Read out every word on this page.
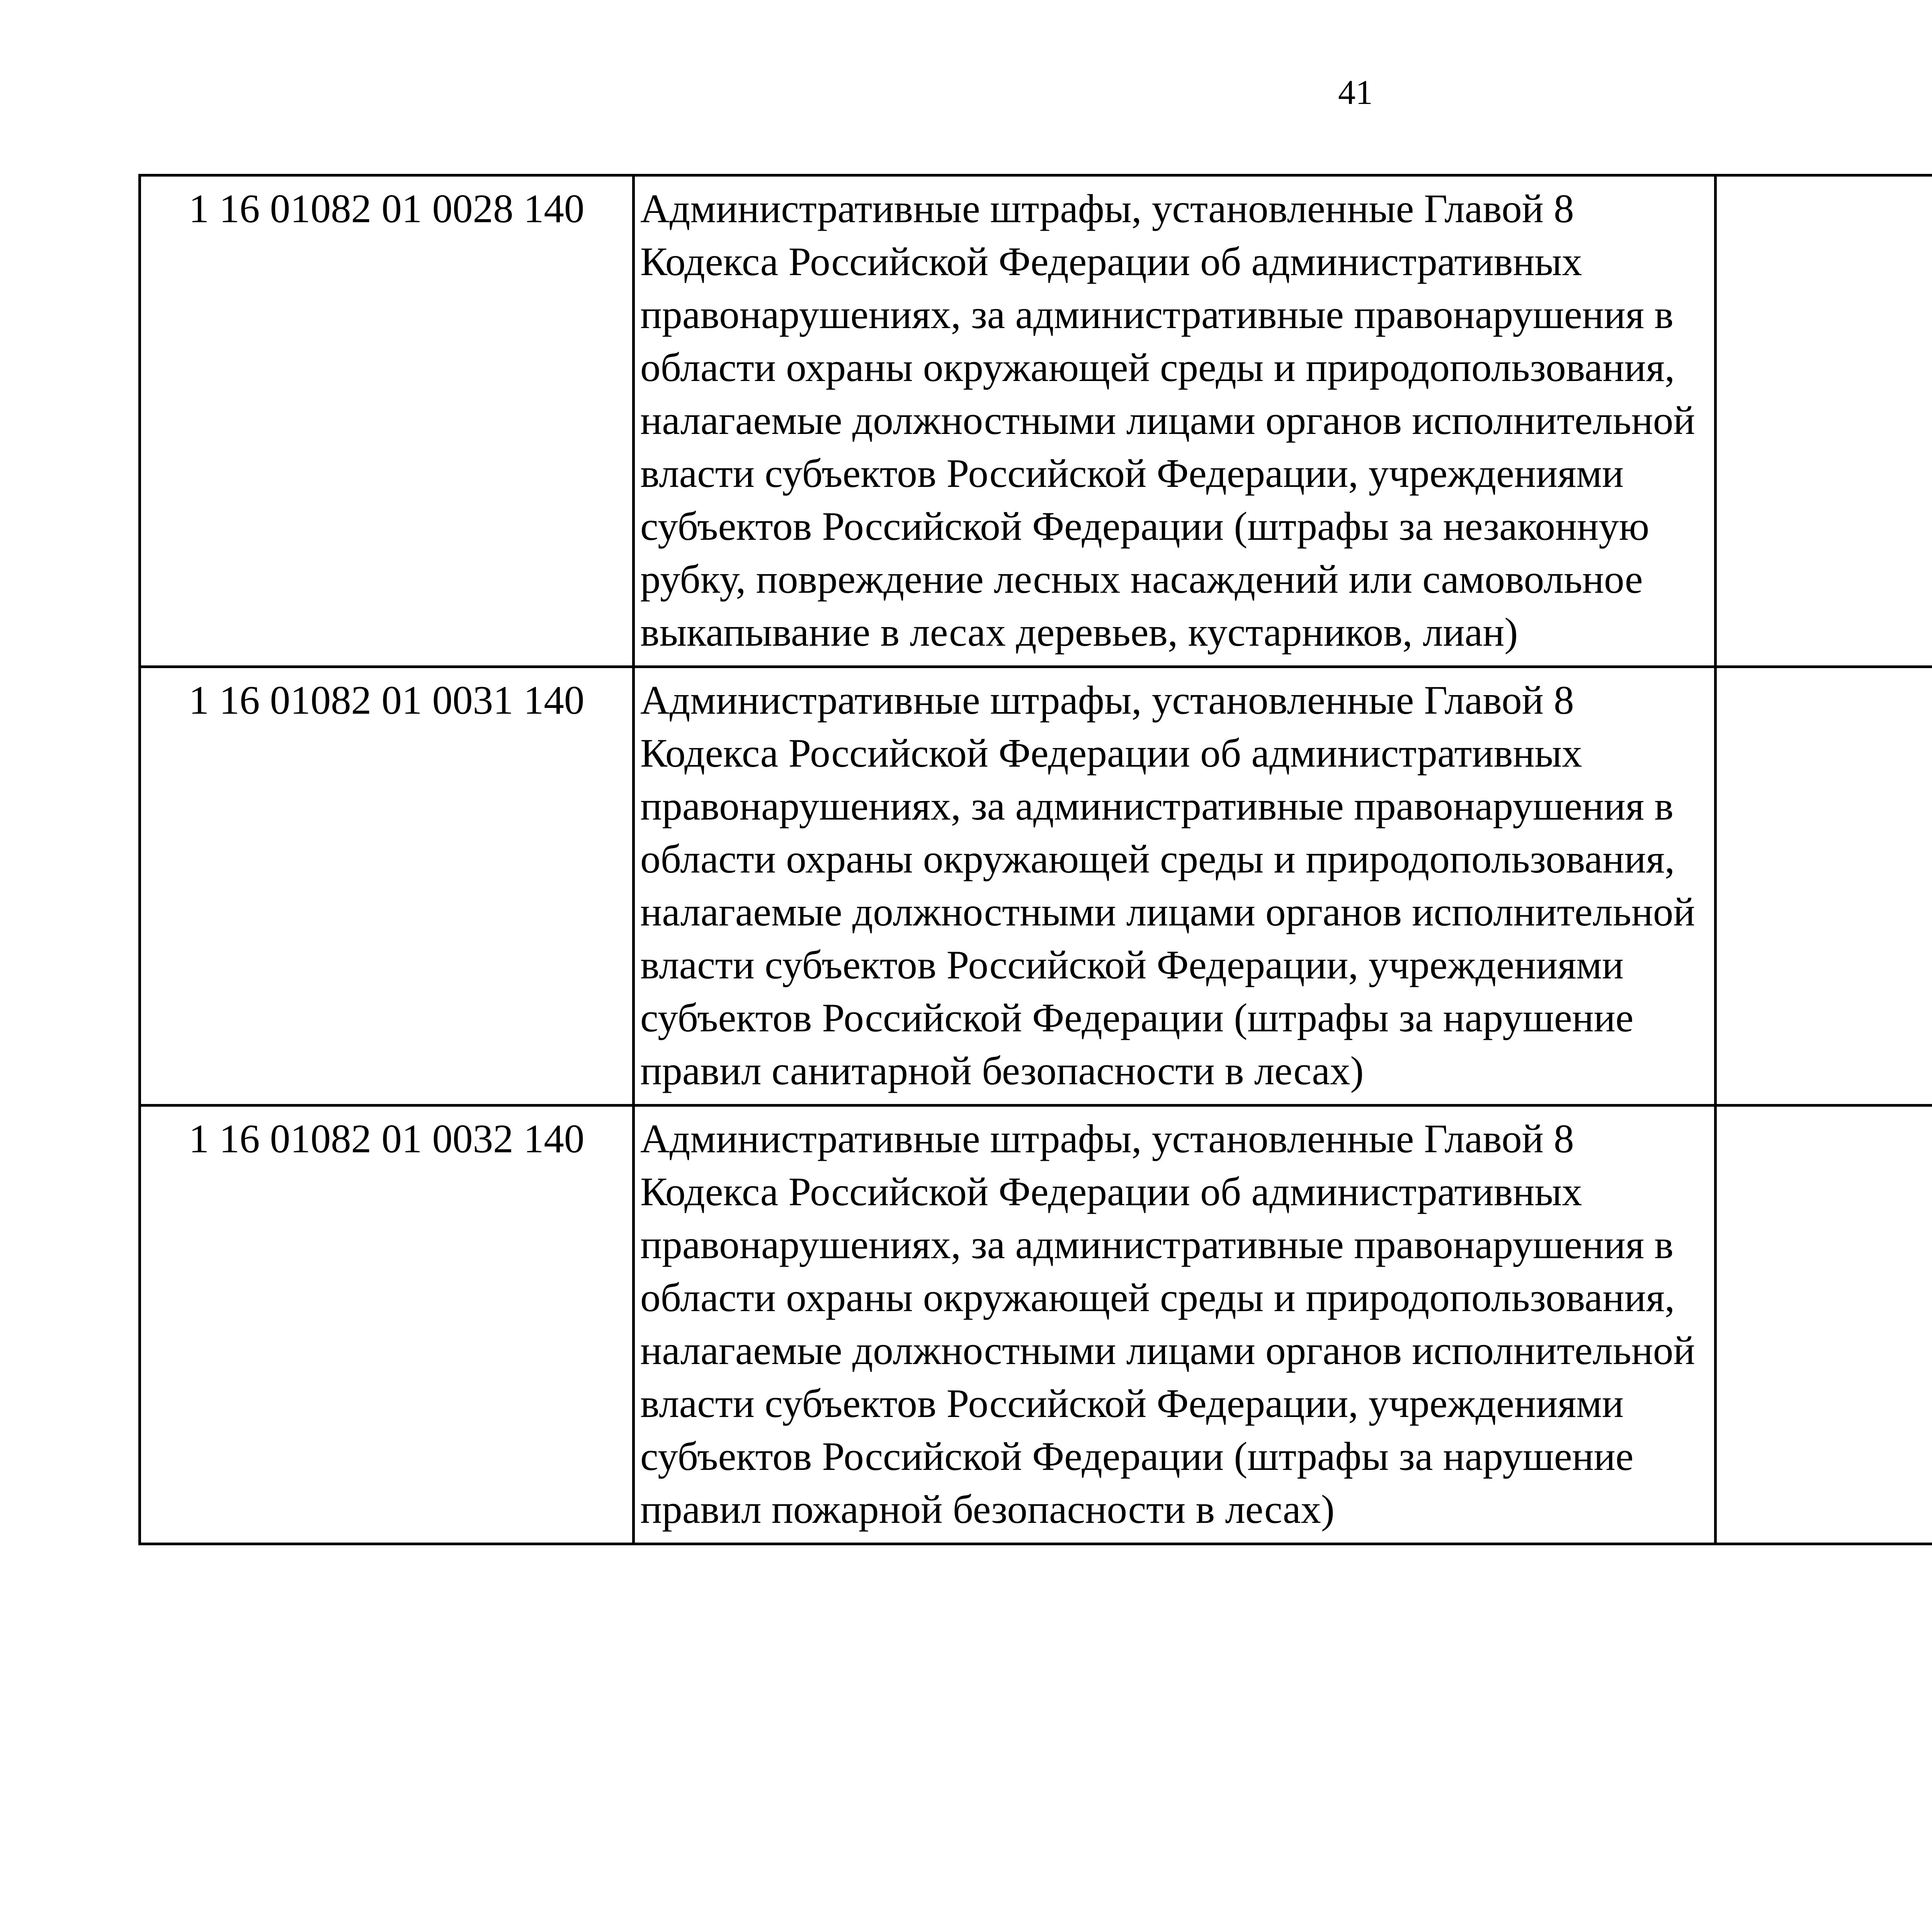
41
1 16 01082 01 0028 140	Административные штрафы, установленные Главой 8 Кодекса Российской Федерации об административных правонарушениях, за административные правонарушения в области охраны окружающей среды и природопользования, налагаемые должностными лицами органов исполнительной власти субъектов Российской Федерации, учреждениями субъектов Российской Федерации (штрафы за незаконную рубку, повреждение лесных насаждений или самовольное выкапывание в лесах деревьев, кустарников, лиан)			
1 16 01082 01 0031 140	Административные штрафы, установленные Главой 8 Кодекса Российской Федерации об административных правонарушениях, за административные правонарушения в области охраны окружающей среды и природопользования, налагаемые должностными лицами органов исполнительной власти субъектов Российской Федерации, учреждениями субъектов Российской Федерации (штрафы за нарушение правил санитарной безопасности в лесах)			
1 16 01082 01 0032 140	Административные штрафы, установленные Главой 8 Кодекса Российской Федерации об административных правонарушениях, за административные правонарушения в области охраны окружающей среды и природопользования, налагаемые должностными лицами органов исполнительной власти субъектов Российской Федерации, учреждениями субъектов Российской Федерации (штрафы за нарушение правил пожарной безопасности в лесах)			
